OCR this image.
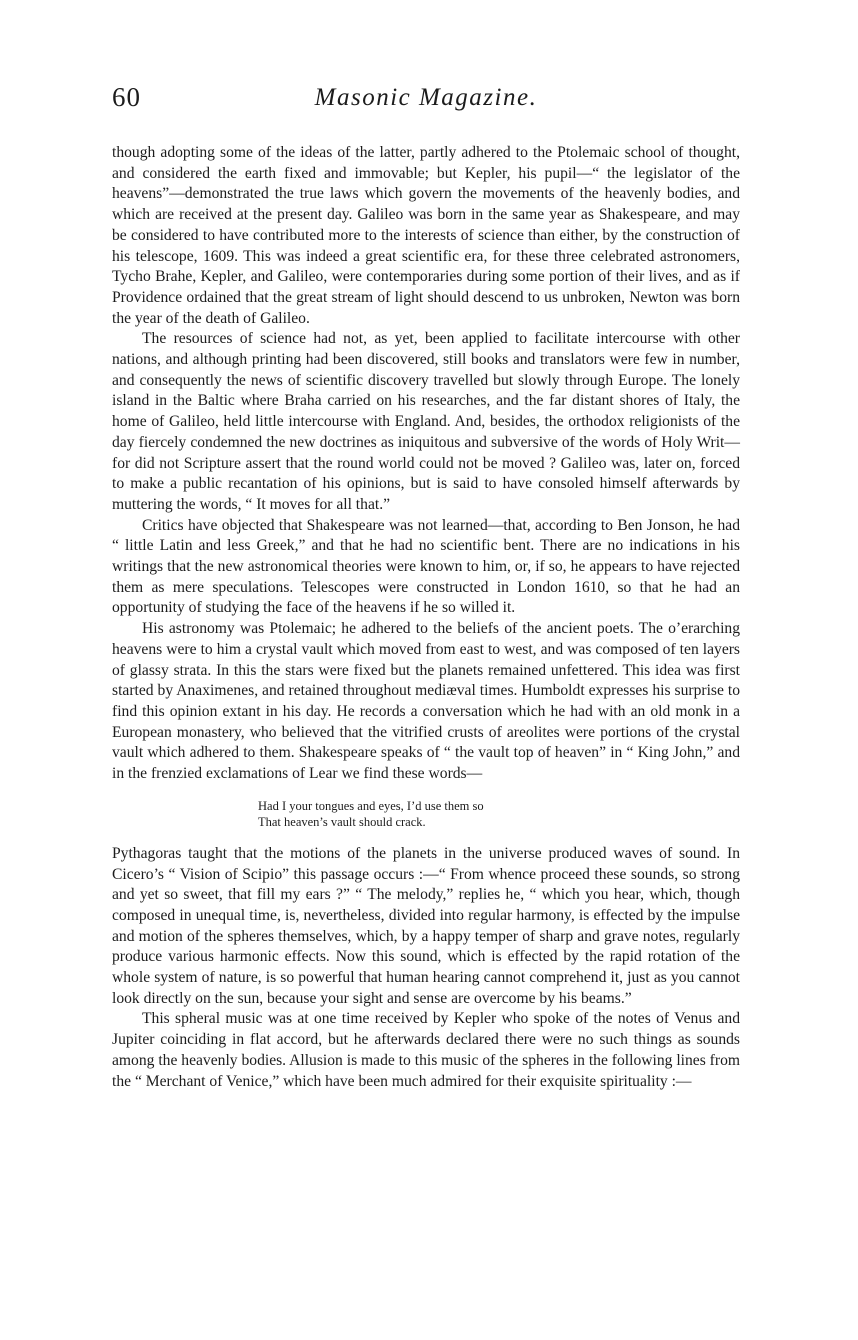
60	Masonic Magazine.

though adopting some of the ideas of the latter, partly adhered to the Ptolemaic school of thought, and considered the earth fixed and immovable; but Kepler, his pupil—“ the legislator of the heavens”—demonstrated the true laws which govern the movements of the heavenly bodies, and which are received at the present day. Galileo was born in the same year as Shakespeare, and may be considered to have contributed more to the interests of science than either, by the construction of his telescope, 1609. This was indeed a great scientific era, for these three celebrated astronomers, Tycho Brahe, Kepler, and Galileo, were contemporaries during some portion of their lives, and as if Providence ordained that the great stream of light should descend to us unbroken, Newton was born the year of the death of Galileo.

The resources of science had not, as yet, been applied to facilitate intercourse with other nations, and although printing had been discovered, still books and translators were few in number, and consequently the news of scientific discovery travelled but slowly through Europe. The lonely island in the Baltic where Braha carried on his researches, and the far distant shores of Italy, the home of Galileo, held little intercourse with England. And, besides, the orthodox religionists of the day fiercely condemned the new doctrines as iniquitous and subversive of the words of Holy Writ—for did not Scripture assert that the round world could not be moved ? Galileo was, later on, forced to make a public recantation of his opinions, but is said to have consoled himself afterwards by muttering the words, “ It moves for all that.”

Critics have objected that Shakespeare was not learned—that, according to Ben Jonson, he had “ little Latin and less Greek,” and that he had no scientific bent. There are no indications in his writings that the new astronomical theories were known to him, or, if so, he appears to have rejected them as mere speculations. Telescopes were constructed in London 1610, so that he had an opportunity of studying the face of the heavens if he so willed it.

His astronomy was Ptolemaic; he adhered to the beliefs of the ancient poets. The o’erarching heavens were to him a crystal vault which moved from east to west, and was composed of ten layers of glassy strata. In this the stars were fixed but the planets remained unfettered. This idea was first started by Anaximenes, and retained throughout mediæval times. Humboldt expresses his surprise to find this opinion extant in his day. He records a conversation which he had with an old monk in a European monastery, who believed that the vitrified crusts of areolites were portions of the crystal vault which adhered to them. Shakespeare speaks of “ the vault top of heaven” in “ King John,” and in the frenzied exclamations of Lear we find these words—

Had I your tongues and eyes, I’d use them so
That heaven’s vault should crack.

Pythagoras taught that the motions of the planets in the universe produced waves of sound. In Cicero’s “ Vision of Scipio” this passage occurs :—“ From whence proceed these sounds, so strong and yet so sweet, that fill my ears ?” “ The melody,” replies he, “ which you hear, which, though composed in unequal time, is, nevertheless, divided into regular harmony, is effected by the impulse and motion of the spheres themselves, which, by a happy temper of sharp and grave notes, regularly produce various harmonic effects. Now this sound, which is effected by the rapid rotation of the whole system of nature, is so powerful that human hearing cannot comprehend it, just as you cannot look directly on the sun, because your sight and sense are overcome by his beams.”

This spheral music was at one time received by Kepler who spoke of the notes of Venus and Jupiter coinciding in flat accord, but he afterwards declared there were no such things as sounds among the heavenly bodies. Allusion is made to this music of the spheres in the following lines from the “ Merchant of Venice,” which have been much admired for their exquisite spirituality :—
